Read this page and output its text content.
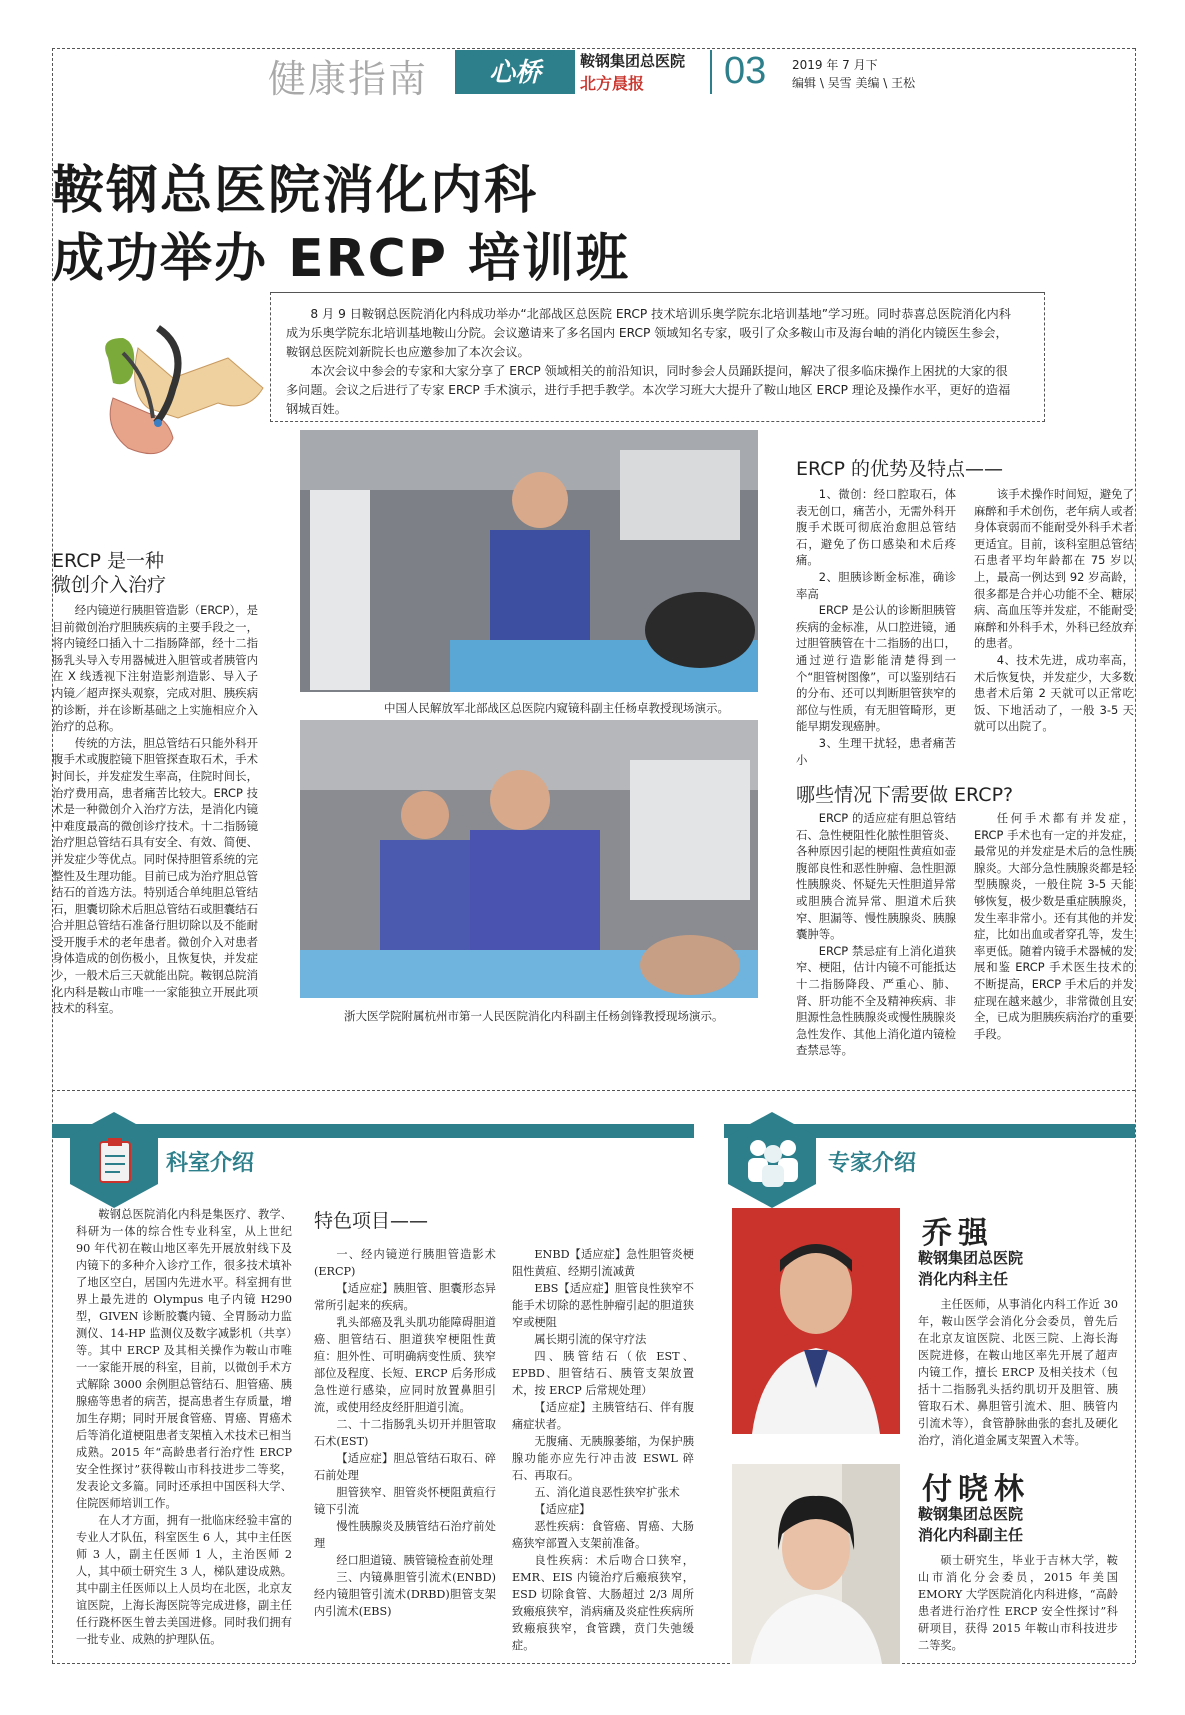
健康指南	心桥	鞍钢集团总医院
北方晨报 03 2019 年 7 月下
编辑 \ 吴雪 美编 \ 王松
鞍钢总医院消化内科
成功举办 ERCP 培训班

8 月 9 日鞍钢总医院消化内科成功举办“北部战区总医院 ERCP 技术培训乐奥学院东北培训基地”学习班。同时恭喜总医院消化内科成为乐奥学院东北培训基地鞍山分院。会议邀请来了多名国内 ERCP 领域知名专家，吸引了众多鞍山市及海台岫的消化内镜医生参会，鞍钢总医院刘新院长也应邀参加了本次会议。

本次会议中参会的专家和大家分享了 ERCP 领域相关的前沿知识，同时参会人员踊跃提问，解决了很多临床操作上困扰的大家的很多问题。会议之后进行了专家 ERCP 手术演示，进行手把手教学。本次学习班大大提升了鞍山地区 ERCP 理论及操作水平，更好的造福钢城百姓。

中国人民解放军北部战区总医院内窥镜科副主任杨卓教授现场演示。
浙大医学院附属杭州市第一人民医院消化内科副主任杨剑锋教授现场演示。
ERCP 是一种
微创介入治疗

经内镜逆行胰胆管造影（ERCP），是目前微创治疗胆胰疾病的主要手段之一，将内镜经口插入十二指肠降部，经十二指肠乳头导入专用器械进入胆管或者胰管内在 X 线透视下注射造影剂造影、导入子内镜／超声探头观察，完成对胆、胰疾病的诊断，并在诊断基础之上实施相应介入治疗的总称。

传统的方法，胆总管结石只能外科开腹手术或腹腔镜下胆管探查取石术，手术时间长，并发症发生率高，住院时间长，治疗费用高，患者痛苦比较大。ERCP 技术是一种微创介入治疗方法，是消化内镜中难度最高的微创诊疗技术。十二指肠镜治疗胆总管结石具有安全、有效、简便、并发症少等优点。同时保持胆管系统的完整性及生理功能。目前已成为治疗胆总管结石的首选方法。特别适合单纯胆总管结石，胆囊切除术后胆总管结石或胆囊结石合并胆总管结石准备行胆切除以及不能耐受开腹手术的老年患者。微创介入对患者身体造成的创伤极小，且恢复快，并发症少，一般术后三天就能出院。鞍钢总院消化内科是鞍山市唯一一家能独立开展此项技术的科室。

ERCP 的优势及特点——

1、微创：经口腔取石，体表无创口，痛苦小，无需外科开腹手术既可彻底治愈胆总管结石，避免了伤口感染和术后疼痛。

2、胆胰诊断金标准，确诊率高

ERCP 是公认的诊断胆胰管疾病的金标准，从口腔进镜，通过胆管胰管在十二指肠的出口，通过逆行造影能清楚得到一个“胆管树图像”，可以鉴别结石的分布、还可以判断胆管狭窄的部位与性质，有无胆管畸形，更能早期发现癌肿。

3、生理干扰轻，患者痛苦小

该手术操作时间短，避免了麻醉和手术创伤，老年病人或者身体衰弱而不能耐受外科手术者更适宜。目前，该科室胆总管结石患者平均年龄都在 75 岁以上，最高一例达到 92 岁高龄，很多都是合并心功能不全、糖尿病、高血压等并发症，不能耐受麻醉和外科手术，外科已经放弃的患者。

4、技术先进，成功率高，术后恢复快，并发症少，大多数患者术后第 2 天就可以正常吃饭、下地活动了，一般 3-5 天就可以出院了。

哪些情况下需要做 ERCP?

ERCP 的适应症有胆总管结石、急性梗阻性化脓性胆管炎、各种原因引起的梗阻性黄疸如壶腹部良性和恶性肿瘤、急性胆源性胰腺炎、怀疑先天性胆道异常或胆胰合流异常、胆道术后狭窄、胆漏等、慢性胰腺炎、胰腺囊肿等。

ERCP 禁忌症有上消化道狭窄、梗阻，估计内镜不可能抵达十二指肠降段、严重心、肺、肾、肝功能不全及精神疾病、非胆源性急性胰腺炎或慢性胰腺炎急性发作、其他上消化道内镜检查禁忌等。

任何手术都有并发症，ERCP 手术也有一定的并发症，最常见的并发症是术后的急性胰腺炎。大部分急性胰腺炎都是轻型胰腺炎，一般住院 3-5 天能够恢复，极少数是重症胰腺炎，发生率非常小。还有其他的并发症，比如出血或者穿孔等，发生率更低。随着内镜手术器械的发展和鉴 ERCP 手术医生技术的不断提高，ERCP 手术后的并发症现在越来越少，非常微创且安全，已成为胆胰疾病治疗的重要手段。

科室介绍

鞍钢总医院消化内科是集医疗、教学、科研为一体的综合性专业科室，从上世纪 90 年代初在鞍山地区率先开展放射线下及内镜下的多种介入诊疗工作，很多技术填补了地区空白，居国内先进水平。科室拥有世界上最先进的 Olympus 电子内镜 H290 型，GIVEN 诊断胶囊内镜、全胃肠动力监测仪、14-HP 监测仪及数字减影机（共享）等。其中 ERCP 及其相关操作为鞍山市唯一一家能开展的科室，目前，以微创手术方式解除 3000 余例胆总管结石、胆管癌、胰腺癌等患者的病苦，提高患者生存质量，增加生存期；同时开展食管癌、胃癌、胃癌术后等消化道梗阻患者支架植入术技术已相当成熟。2015 年“高龄患者行治疗性 ERCP 安全性探讨”获得鞍山市科技进步二等奖，发表论文多篇。同时还承担中国医科大学、住院医师培训工作。

在人才方面，拥有一批临床经验丰富的专业人才队伍，科室医生 6 人，其中主任医师 3 人，副主任医师 1 人，主治医师 2 人，其中硕士研究生 3 人，梯队建设成熟。其中副主任医师以上人员均在北医，北京友谊医院，上海长海医院等完成进修，副主任任行跷杯医生曾去美国进修。同时我们拥有一批专业、成熟的护理队伍。

特色项目——

一、经内镜逆行胰胆管造影术(ERCP)

【适应症】胰胆管、胆囊形态异常所引起来的疾病。

乳头部癌及乳头肌功能障碍胆道癌、胆管结石、胆道狭窄梗阻性黄疸：胆外性、可明确病变性质、狭窄部位及程度、长短、ERCP 后务形成急性逆行感染，应同时放置鼻胆引流，或使用经皮经肝胆道引流。

二、十二指肠乳头切开并胆管取石术(EST)

【适应症】胆总管结石取石、碎石前处理

胆管狭窄、胆管炎怀梗阻黄疸行镜下引流

慢性胰腺炎及胰管结石治疗前处理

经口胆道镜、胰管镜检查前处理

三、内镜鼻胆管引流术(ENBD)经内镜胆管引流术(DRBD)胆管支架内引流术(EBS)

ENBD【适应症】急性胆管炎梗阻性黄疸、经期引流减黄

EBS【适应症】胆管良性狭窄不能手术切除的恶性肿瘤引起的胆道狭窄或梗阻

属长期引流的保守疗法

四、胰管结石（依 EST、EPBD、胆管结石、胰管支架放置术，按 ERCP 后常规处理）

【适应症】主胰管结石、伴有腹痛症状者。

无腹痛、无胰腺萎缩，为保护胰腺功能亦应先行冲击波 ESWL 碎石、再取石。

五、消化道良恶性狭窄扩张术

【适应症】

恶性疾病：食管癌、胃癌、大肠癌狭窄部置入支架前准备。

良性疾病：术后吻合口狭窄，EMR、EIS 内镜治疗后瘢痕狭窄，ESD 切除食管、大肠超过 2/3 周所致瘢痕狭窄，消病痛及炎症性疾病所致瘢痕狭窄，食管蹼，贲门失弛缓症。

专家介绍
乔强
鞍钢集团总医院
消化内科主任

主任医师，从事消化内科工作近 30 年，鞍山医学会消化分会委员，曾先后在北京友谊医院、北医三院、上海长海医院进修，在鞍山地区率先开展了超声内镜工作，擅长 ERCP 及相关技术（包括十二指肠乳头括约肌切开及胆管、胰管取石术、鼻胆管引流术、胆、胰管内引流术等），食管静脉曲张的套扎及硬化治疗，消化道金属支架置入术等。

付晓林
鞍钢集团总医院
消化内科副主任

硕士研究生，毕业于吉林大学，鞍山市消化分会委员，2015 年美国 EMORY 大学医院消化内科进修，“高龄患者进行治疗性 ERCP 安全性探讨”科研项目，获得 2015 年鞍山市科技进步二等奖。
